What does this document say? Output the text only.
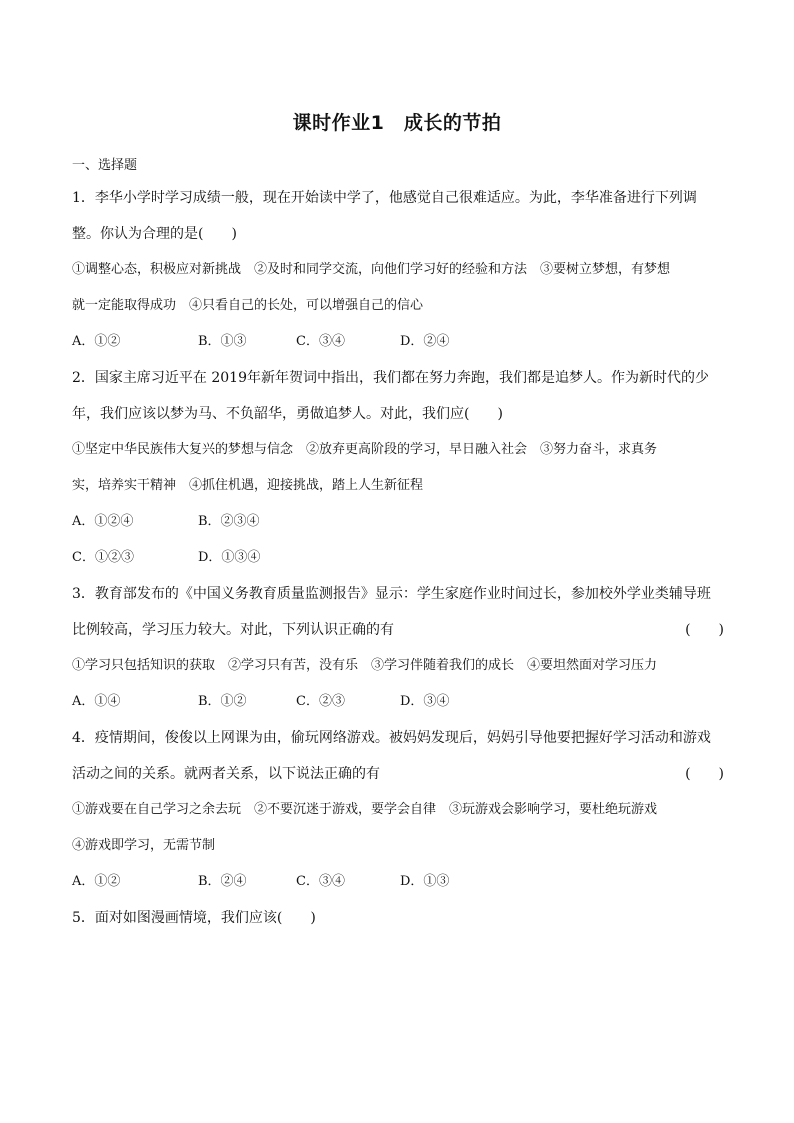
课时作业1　成长的节拍
一、选择题
1．李华小学时学习成绩一般，现在开始读中学了，他感觉自己很难适应。为此，李华准备进行下列调
整。你认为合理的是(　　)
①调整心态，积极应对新挑战　②及时和同学交流，向他们学习好的经验和方法　③要树立梦想，有梦想
就一定能取得成功　④只看自己的长处，可以增强自己的信心
A．①②	B．①③	C．③④	D．②④
2．国家主席习近平在 2019年新年贺词中指出，我们都在努力奔跑，我们都是追梦人。作为新时代的少
年，我们应该以梦为马、不负韶华，勇做追梦人。对此，我们应(　　)
①坚定中华民族伟大复兴的梦想与信念　②放弃更高阶段的学习，早日融入社会　③努力奋斗，求真务
实，培养实干精神　④抓住机遇，迎接挑战，踏上人生新征程
A．①②④	B．②③④
C．①②③	D．①③④
3．教育部发布的《中国义务教育质量监测报告》显示：学生家庭作业时间过长，参加校外学业类辅导班
比例较高，学习压力较大。对此，下列认识正确的有	(　　)
①学习只包括知识的获取　②学习只有苦，没有乐　③学习伴随着我们的成长　④要坦然面对学习压力
A．①④	B．①②	C．②③	D．③④
4．疫情期间，俊俊以上网课为由，偷玩网络游戏。被妈妈发现后，妈妈引导他要把握好学习活动和游戏
活动之间的关系。就两者关系，以下说法正确的有	(　　)
①游戏要在自己学习之余去玩　②不要沉迷于游戏，要学会自律　③玩游戏会影响学习，要杜绝玩游戏
④游戏即学习，无需节制
A．①②	B．②④	C．③④	D．①③
5．面对如图漫画情境，我们应该(　　)
